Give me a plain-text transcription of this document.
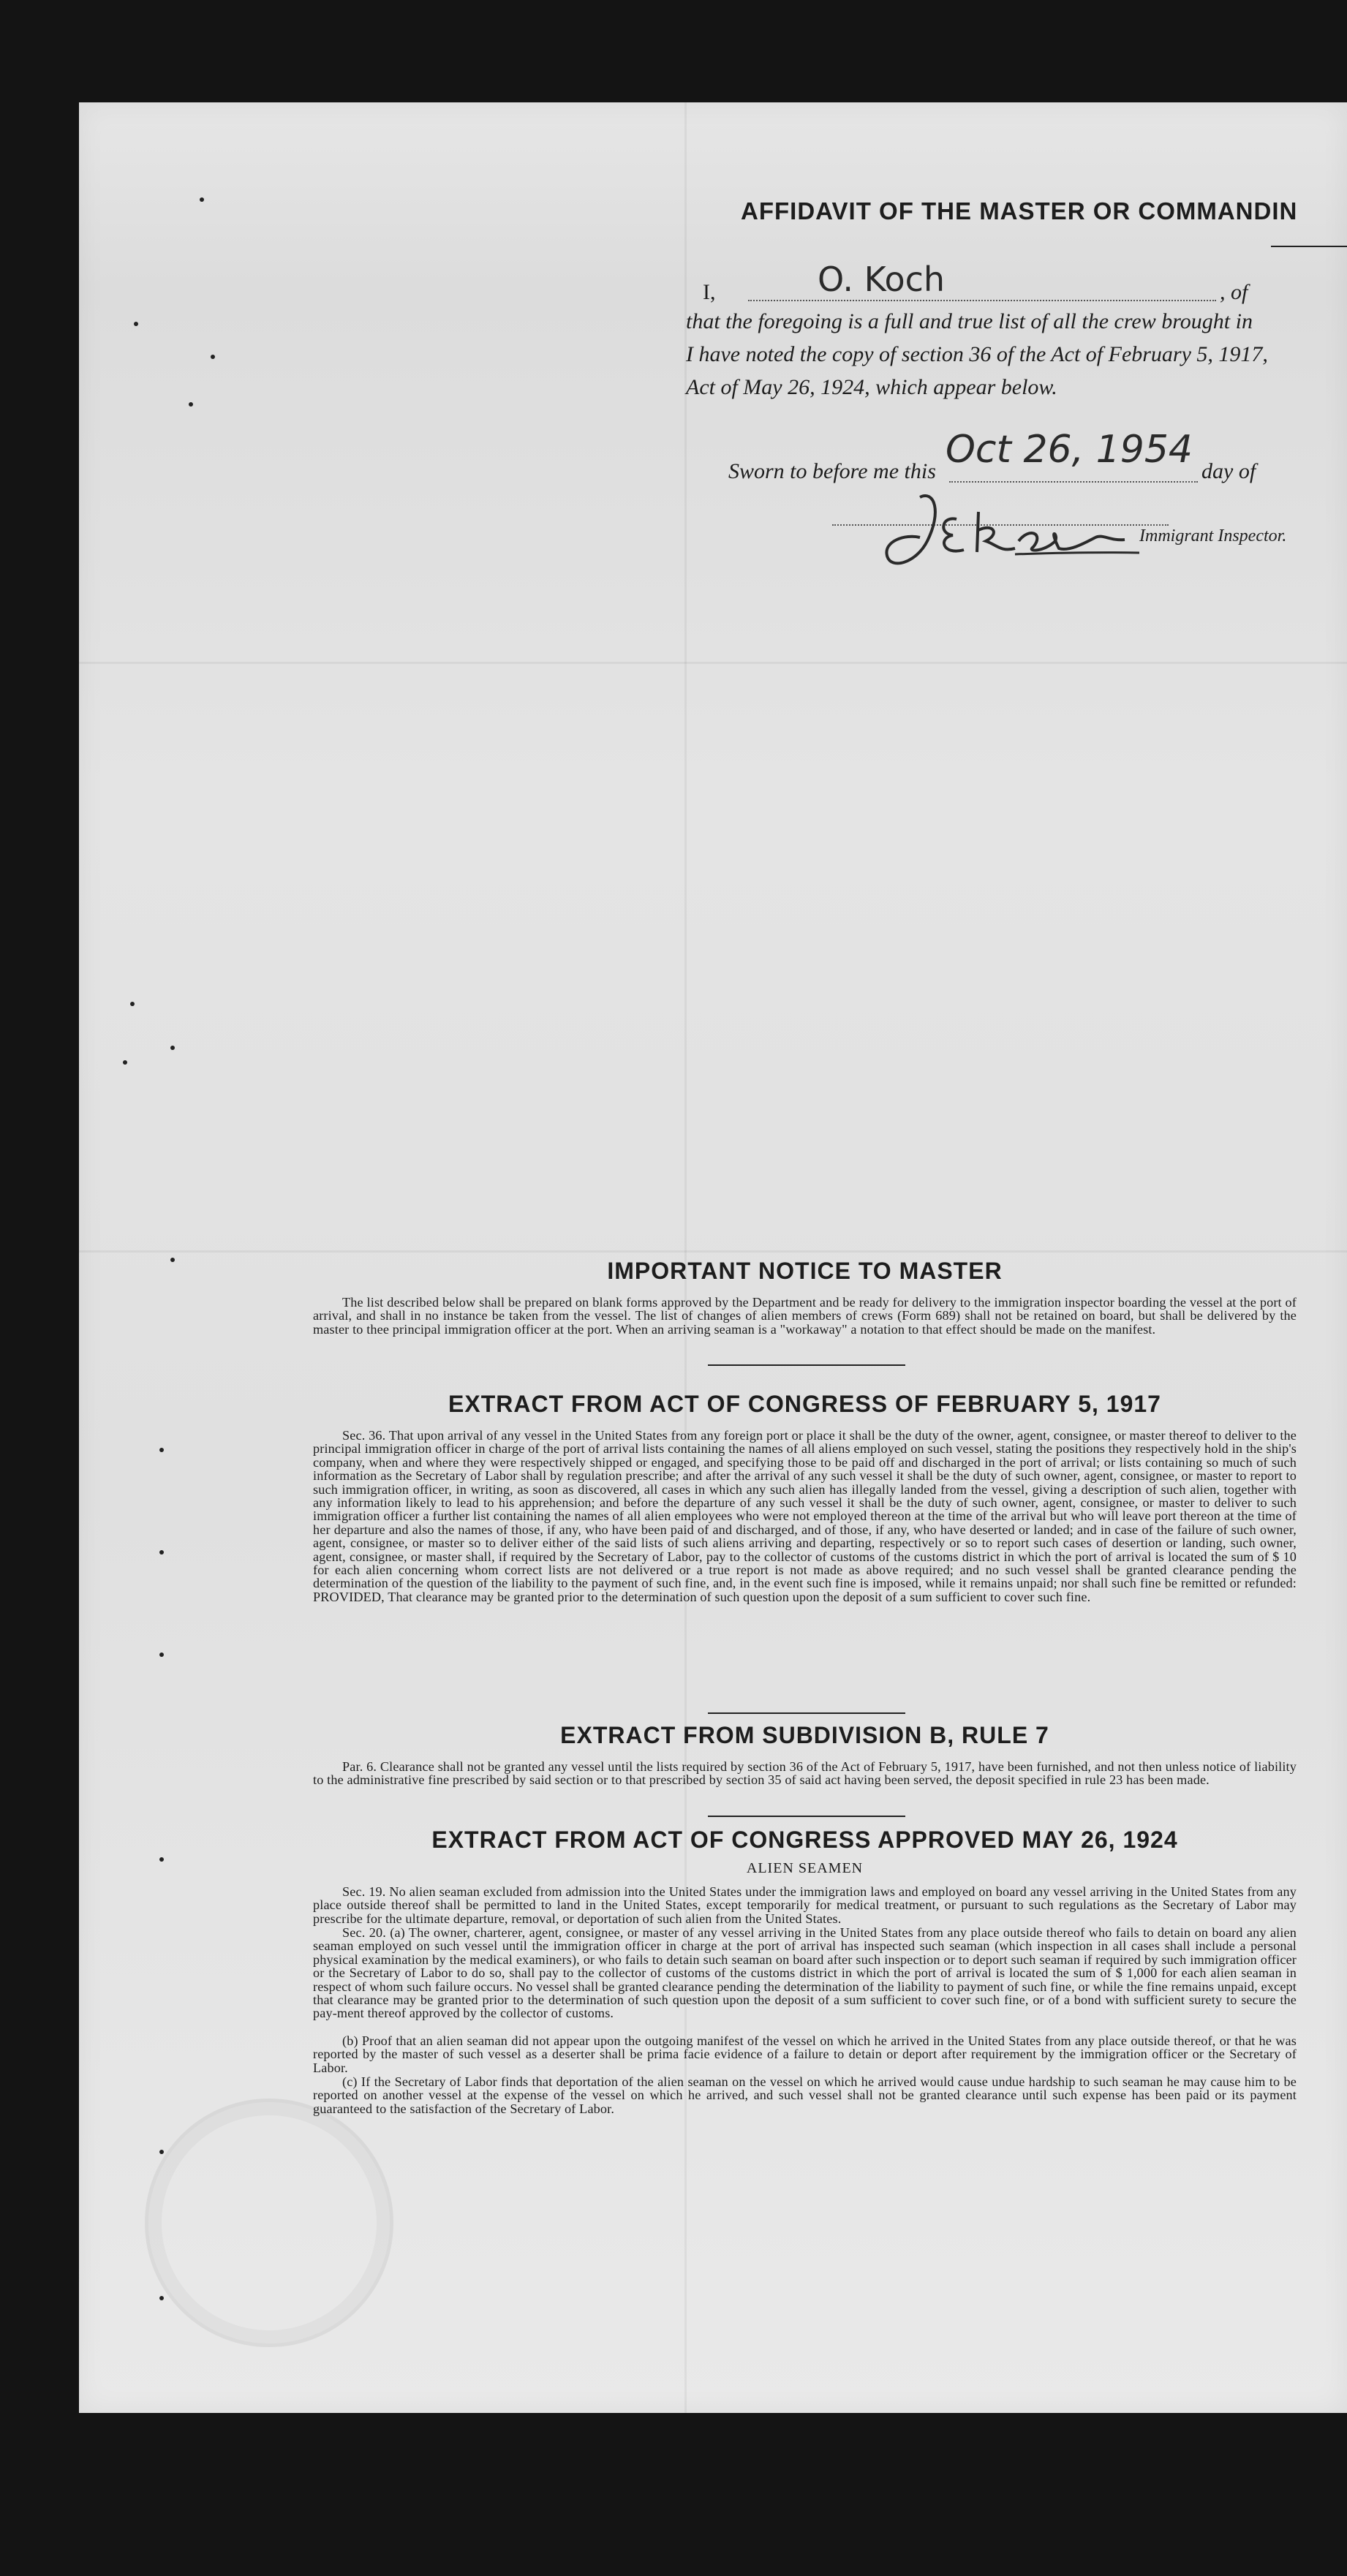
AFFIDAVIT OF THE MASTER OR COMMANDIN
I,	O. Koch	, of
that the foregoing is a full and true list of all the crew brought in
I have noted the copy of section 36 of the Act of February 5, 1917,
Act of May 26, 1924, which appear below.
Sworn to before me this Oct 26, 1954 day of
Immigrant Inspector.
IMPORTANT NOTICE TO MASTER
The list described below shall be prepared on blank forms approved by the Department and be ready for delivery to the immigration inspector boarding the vessel at the port of arrival, and shall in no instance be taken from the vessel. The list of changes of alien members of crews (Form 689) shall not be retained on board, but shall be delivered by the master to thee principal immigration officer at the port. When an arriving seaman is a "workaway" a notation to that effect should be made on the manifest.
EXTRACT FROM ACT OF CONGRESS OF FEBRUARY 5, 1917
Sec. 36. That upon arrival of any vessel in the United States from any foreign port or place it shall be the duty of the owner, agent, consignee, or master thereof to deliver to the principal immigration officer in charge of the port of arrival lists containing the names of all aliens employed on such vessel, stating the positions they respectively hold in the ship's company, when and where they were respectively shipped or engaged, and specifying those to be paid off and discharged in the port of arrival; or lists containing so much of such information as the Secretary of Labor shall by regulation prescribe; and after the arrival of any such vessel it shall be the duty of such owner, agent, consignee, or master to report to such immigration officer, in writing, as soon as discovered, all cases in which any such alien has illegally landed from the vessel, giving a description of such alien, together with any information likely to lead to his apprehension; and before the departure of any such vessel it shall be the duty of such owner, agent, consignee, or master to deliver to such immigration officer a further list containing the names of all alien employees who were not employed thereon at the time of the arrival but who will leave port thereon at the time of her departure and also the names of those, if any, who have been paid of and discharged, and of those, if any, who have deserted or landed; and in case of the failure of such owner, agent, consignee, or master so to deliver either of the said lists of such aliens arriving and departing, respectively or so to report such cases of desertion or landing, such owner, agent, consignee, or master shall, if required by the Secretary of Labor, pay to the collector of customs of the customs district in which the port of arrival is located the sum of $ 10 for each alien concerning whom correct lists are not delivered or a true report is not made as above required; and no such vessel shall be granted clearance pending the determination of the question of the liability to the payment of such fine, and, in the event such fine is imposed, while it remains unpaid; nor shall such fine be remitted or refunded: PROVIDED, That clearance may be granted prior to the determination of such question upon the deposit of a sum sufficient to cover such fine.
EXTRACT FROM SUBDIVISION B, RULE 7
Par. 6. Clearance shall not be granted any vessel until the lists required by section 36 of the Act of February 5, 1917, have been furnished, and not then unless notice of liability to the administrative fine prescribed by said section or to that prescribed by section 35 of said act having been served, the deposit specified in rule 23 has been made.
EXTRACT FROM ACT OF CONGRESS APPROVED MAY 26, 1924
ALIEN SEAMEN
Sec. 19. No alien seaman excluded from admission into the United States under the immigration laws and employed on board any vessel arriving in the United States from any place outside thereof shall be permitted to land in the United States, except temporarily for medical treatment, or pursuant to such regulations as the Secretary of Labor may prescribe for the ultimate departure, removal, or deportation of such alien from the United States.
Sec. 20. (a) The owner, charterer, agent, consignee, or master of any vessel arriving in the United States from any place outside thereof who fails to detain on board any alien seaman employed on such vessel until the immigration officer in charge at the port of arrival has inspected such seaman (which inspection in all cases shall include a personal physical examination by the medical examiners), or who fails to detain such seaman on board after such inspection or to deport such seaman if required by such immigration officer or the Secretary of Labor to do so, shall pay to the collector of customs of the customs district in which the port of arrival is located the sum of $ 1,000 for each alien seaman in respect of whom such failure occurs. No vessel shall be granted clearance pending the determination of the liability to payment of such fine, or while the fine remains unpaid, except that clearance may be granted prior to the determination of such question upon the deposit of a sum sufficient to cover such fine, or of a bond with sufficient surety to secure the pay-ment thereof approved by the collector of customs.
(b) Proof that an alien seaman did not appear upon the outgoing manifest of the vessel on which he arrived in the United States from any place outside thereof, or that he was reported by the master of such vessel as a deserter shall be prima facie evidence of a failure to detain or deport after requirement by the immigration officer or the Secretary of Labor.
(c) If the Secretary of Labor finds that deportation of the alien seaman on the vessel on which he arrived would cause undue hardship to such seaman he may cause him to be reported on another vessel at the expense of the vessel on which he arrived, and such vessel shall not be granted clearance until such expense has been paid or its payment guaranteed to the satisfaction of the Secretary of Labor.
